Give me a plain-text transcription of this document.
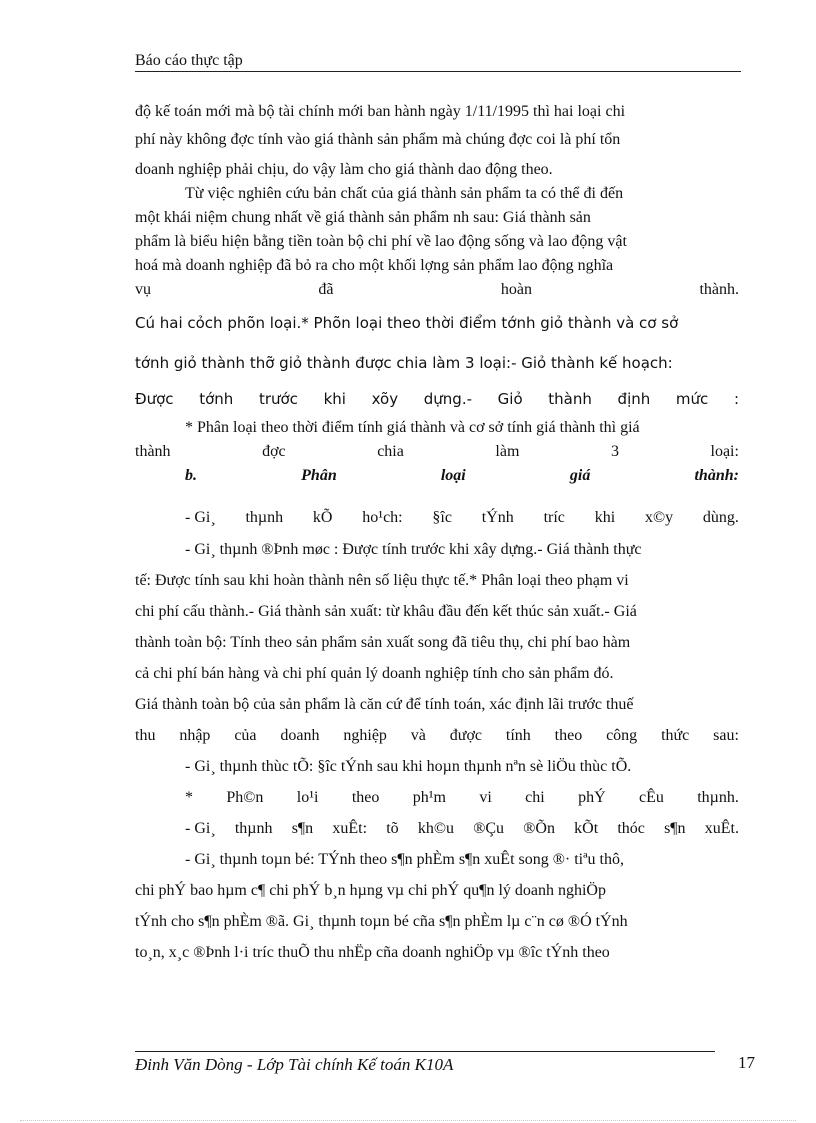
Báo cáo thực tập
độ kế toán mới mà bộ tài chính mới ban hành ngày 1/11/1995 thì hai loại chi
phí này không đợc tính vào giá thành sản phẩm mà chúng đợc coi là phí tổn
doanh nghiệp phải chịu, do vậy làm cho giá thành dao động theo.
Từ việc nghiên cứu bản chất của giá thành sản phẩm ta có thể đi đến
một khái niệm chung nhất về giá thành sản phẩm nh sau: Giá thành sản
phẩm là biểu hiện bằng tiền toàn bộ chi phí về lao động sống và lao động vật
hoá mà doanh nghiệp đã bỏ ra cho một khối lợng sản phẩm lao động nghĩa
vụ	đã	hoàn	thành.
Cú hai cỏch phõn loại.* Phõn loại theo thời điểm tớnh giỏ thành và cơ sở
tớnh giỏ thành thỡ giỏ thành được chia làm 3 loại:- Giỏ thành kế hoạch:
Được tớnh trước khi xõy dựng.- Giỏ thành định mức :
* Phân loại theo thời điểm tính giá thành và cơ sở tính giá thành thì giá
thành	đợc	chia	làm	3	loại:
b.	Phân	loại	giá	thành:
- Gi¸ thµnh kÕ ho¹ch: §îc tÝnh tríc khi x©y dùng.
- Gi¸ thµnh ®Þnh møc : Được tính trước khi xây dựng.- Giá thành thực
tế: Được tính sau khi hoàn thành nên số liệu thực tế.* Phân loại theo phạm vi
chi phí cấu thành.- Giá thành sản xuất: từ khâu đầu đến kết thúc sản xuất.- Giá
thành toàn bộ: Tính theo sản phẩm sản xuất song đã tiêu thụ, chi phí bao hàm
cả chi phí bán hàng và chi phí quản lý doanh nghiệp tính cho sản phẩm đó.
Giá thành toàn bộ của sản phẩm là căn cứ để tính toán, xác định lãi trước thuế
thu nhập của doanh nghiệp và được tính theo công thức sau:
- Gi¸ thµnh thùc tÕ: §îc tÝnh sau khi hoµn thµnh nªn sè liÖu thùc tÕ.
* Ph©n lo¹i theo ph¹m vi chi phÝ cÊu thµnh.
- Gi¸ thµnh s¶n xuÊt: tõ kh©u ®Çu ®Õn kÕt thóc s¶n xuÊt.
- Gi¸ thµnh toµn bé: TÝnh theo s¶n phÈm s¶n xuÊt song ®· tiªu thô,
chi phÝ bao hµm c¶ chi phÝ b¸n hµng vµ chi phÝ qu¶n lý doanh nghiÖp
tÝnh cho s¶n phÈm ®ã. Gi¸ thµnh toµn bé cña s¶n phÈm lµ c¨n cø ®Ó tÝnh
to¸n, x¸c ®Þnh l·i tríc thuÕ thu nhËp cña doanh nghiÖp vµ ®îc tÝnh theo
Đinh Văn Dòng - Lớp Tài chính Kế toán K10A	17
